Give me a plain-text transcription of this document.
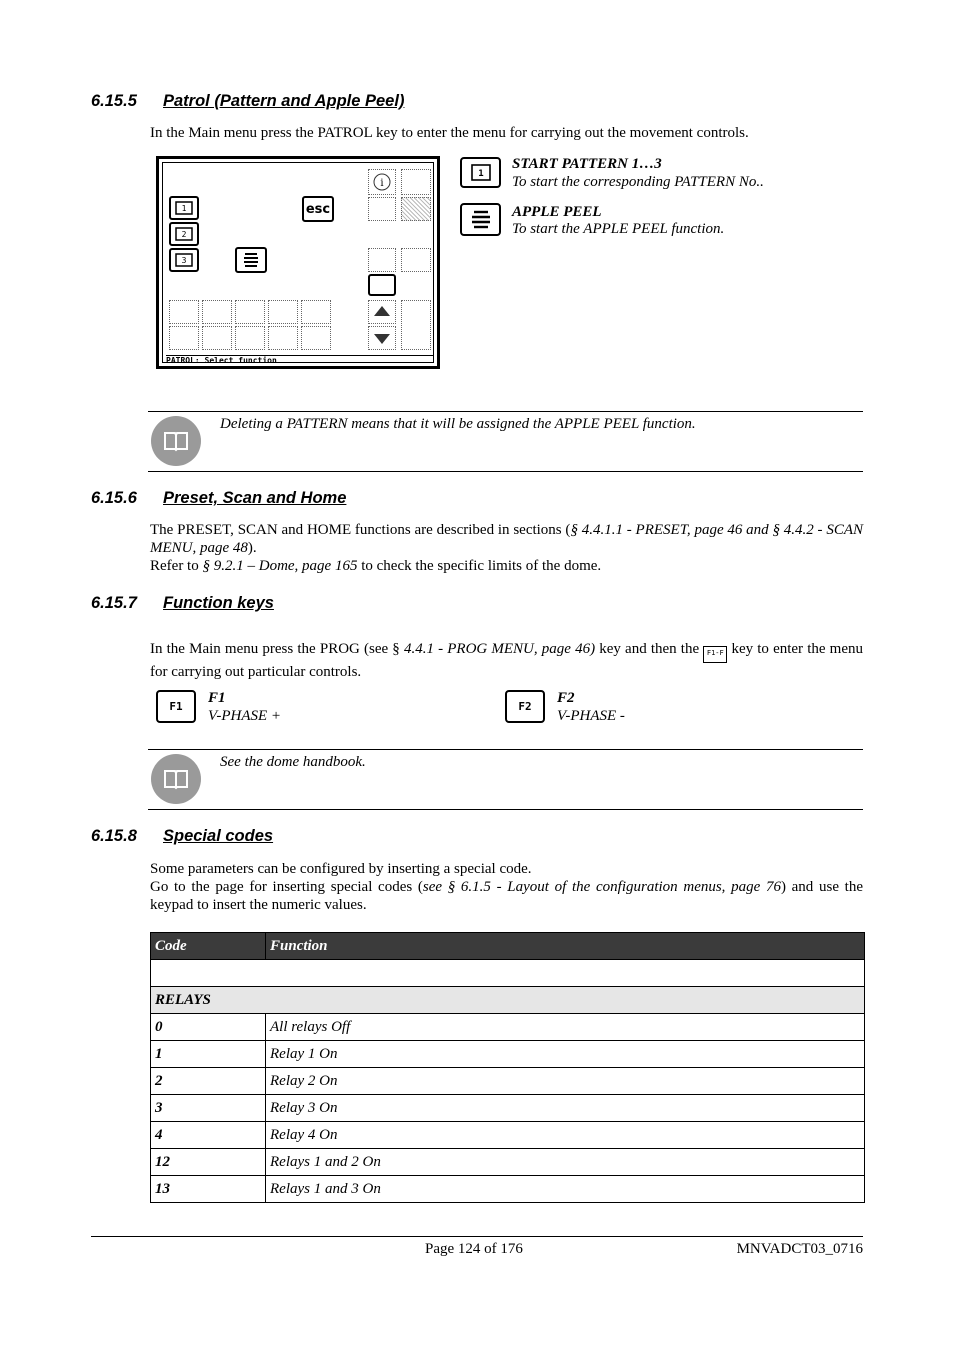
6.15.5 Patrol (Pattern and Apple Peel)
In the Main menu press the PATROL key to enter the menu for carrying out the movement controls.
1
2
3
esc
i
PATROL: Select function
1
START PATTERN 1…3
To start the corresponding PATTERN No..
APPLE PEEL
To start the APPLE PEEL function.
Deleting a PATTERN means that it will be assigned the APPLE PEEL function.
6.15.6 Preset, Scan and Home
The PRESET, SCAN and HOME functions are described in sections (§ 4.4.1.1 - PRESET, page 46 and § 4.4.2 - SCAN MENU, page 48).
Refer to § 9.2.1 – Dome, page 165 to check the specific limits of the dome.
6.15.7 Function keys
In the Main menu press the PROG (see § 4.4.1 - PROG MENU, page 46) key and then the F1-F key to enter the menu for carrying out particular controls.
F1
F1
V-PHASE +
F2
F2
V-PHASE -
See the dome handbook.
6.15.8 Special codes
Some parameters can be configured by inserting a special code.
Go to the page for inserting special codes (see § 6.1.5 - Layout of the configuration menus, page 76) and use the keypad to insert the numeric values.
Code	Function

RELAYS	
0	All relays Off
1	Relay 1 On
2	Relay 2 On
3	Relay 3 On
4	Relay 4 On
12	Relays 1 and 2 On
13	Relays 1 and 3 On
Page 124 of 176	MNVADCT03_0716
